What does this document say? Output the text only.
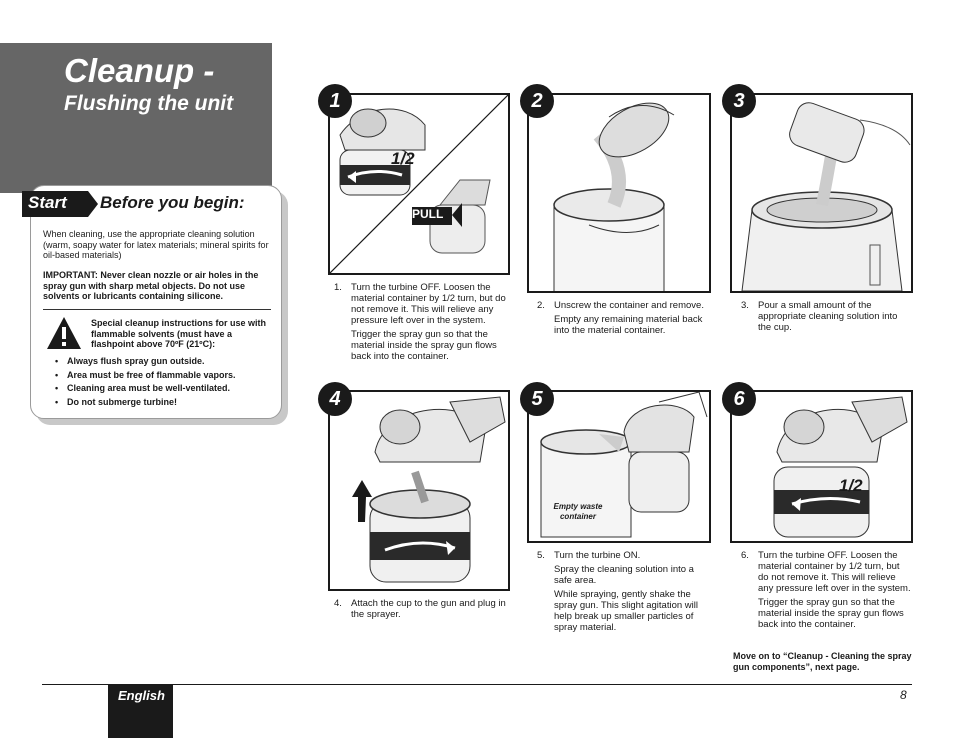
Cleanup -
Flushing the unit
Start Before you begin:
When cleaning, use the appropriate cleaning solution (warm, soapy water for latex materials; mineral spirits for oil-based materials)
IMPORTANT: Never clean nozzle or air holes in the spray gun with sharp metal objects. Do not use solvents or lubricants containing silicone.
Special cleanup instructions for use with flammable solvents (must have a flashpoint above 70ºF (21ºC):
• Always flush spray gun outside.
• Area must be free of flammable vapors.
• Cleaning area must be well-ventilated.
• Do not submerge turbine!
1
1/2
PULL
1. Turn the turbine OFF. Loosen the material container by 1/2 turn, but do not remove it. This will relieve any pressure left over in the system.

Trigger the spray gun so that the material inside the spray gun flows back into the container.

2
2. Unscrew the container and remove.

Empty any remaining material back into the material container.

3
3. Pour a small amount of the appropriate cleaning solution into the cup.

4
4. Attach the cup to the gun and plug in the sprayer.

5
Empty waste container
5. Turn the turbine ON.

Spray the cleaning solution into a safe area.

While spraying, gently shake the spray gun. This slight agitation will help break up smaller particles of spray material.

6
1/2
6. Turn the turbine OFF. Loosen the material container by 1/2 turn, but do not remove it. This will relieve any pressure left over in the system.

Trigger the spray gun so that the material inside the spray gun flows back into the container.

Move on to “Cleanup - Cleaning the spray gun components”, next page.
English	8
